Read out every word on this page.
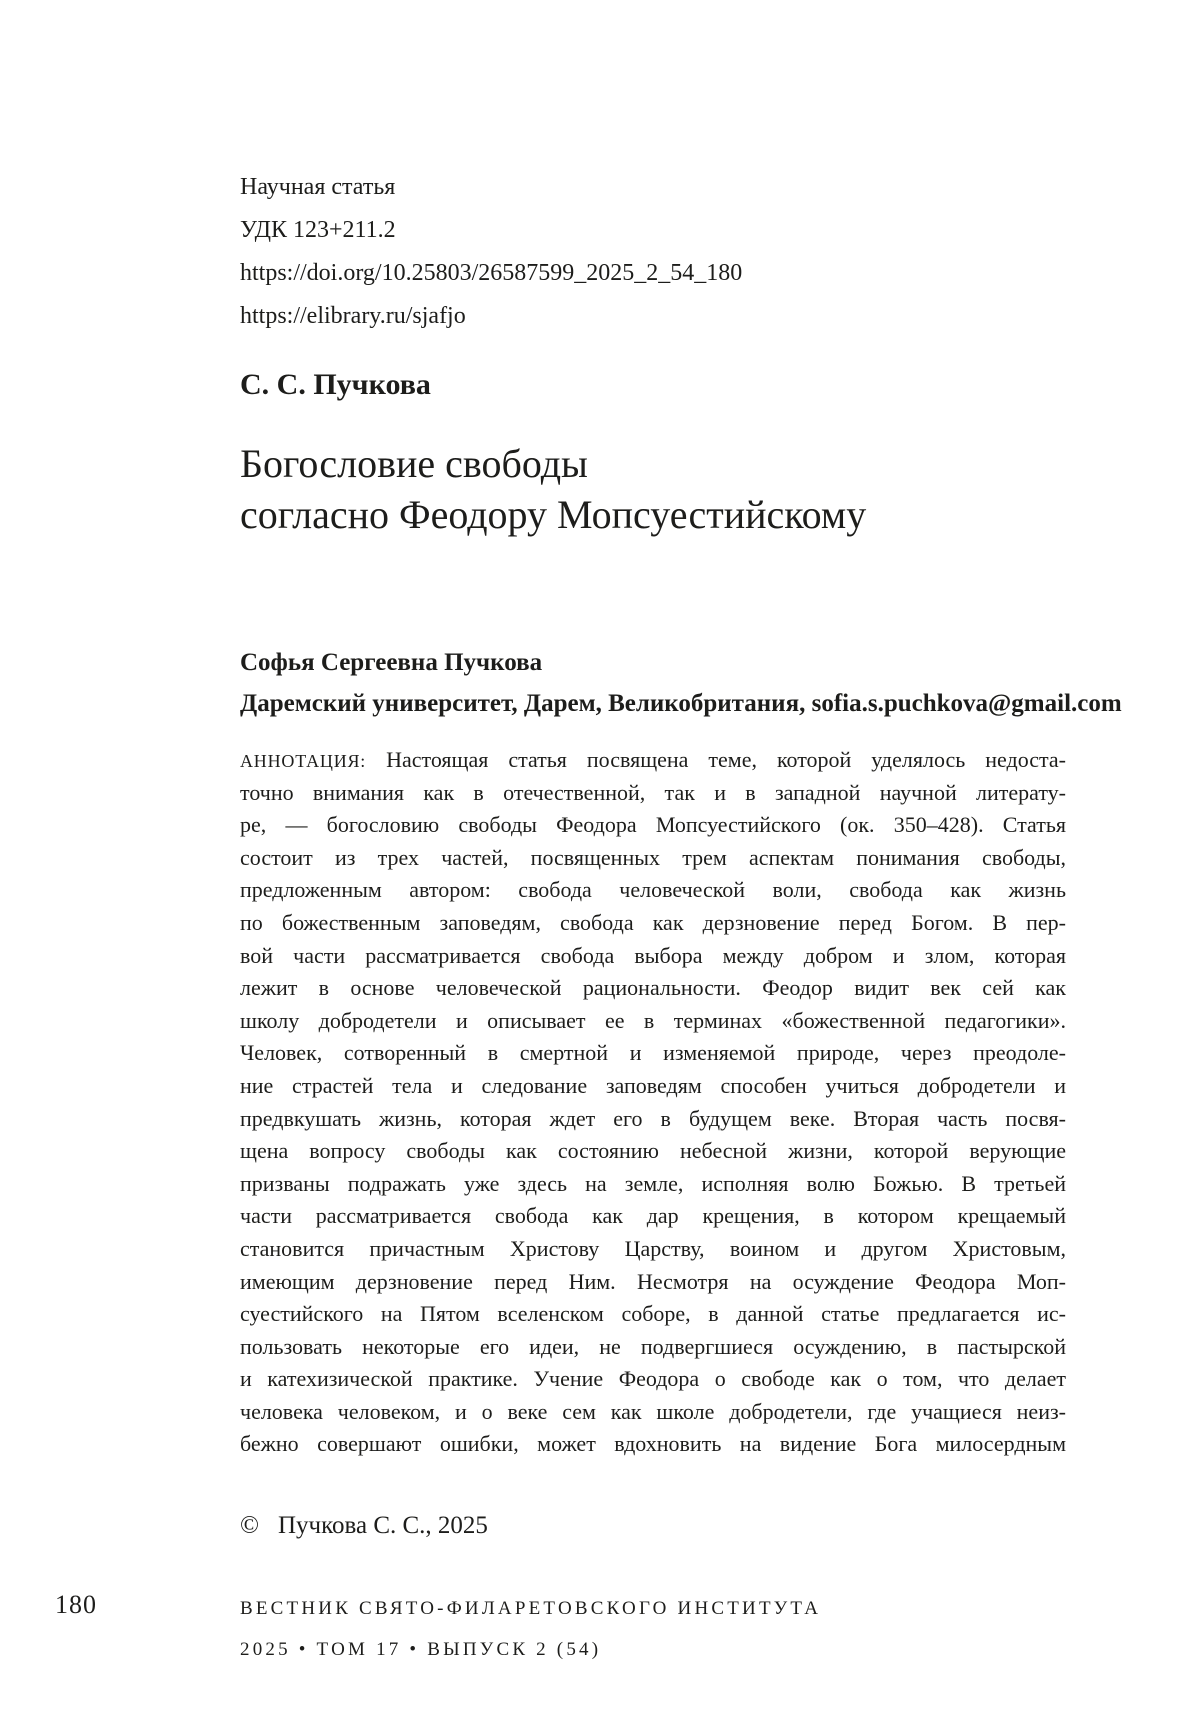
Научная статья
УДК 123+211.2
https://doi.org/10.25803/26587599_2025_2_54_180
https://elibrary.ru/sjafjo
С. С. Пучкова
Богословие свободы
согласно Феодору Мопсуестийскому
Софья Сергеевна Пучкова
Даремский университет, Дарем, Великобритания, sofia.s.puchkova@gmail.com
АННОТАЦИЯ: Настоящая статья посвящена теме, которой уделялось недоста-
точно внимания как в отечественной, так и в западной научной литерату-
ре, — богословию свободы Феодора Мопсуестийского (ок. 350–428). Статья
состоит из трех частей, посвященных трем аспектам понимания свободы,
предложенным автором: свобода человеческой воли, свобода как жизнь
по божественным заповедям, свобода как дерзновение перед Богом. В пер-
вой части рассматривается свобода выбора между добром и злом, которая
лежит в основе человеческой рациональности. Феодор видит век сей как
школу добродетели и описывает ее в терминах «божественной педагогики».
Человек, сотворенный в смертной и изменяемой природе, через преодоле-
ние страстей тела и следование заповедям способен учиться добродетели и
предвкушать жизнь, которая ждет его в будущем веке. Вторая часть посвя-
щена вопросу свободы как состоянию небесной жизни, которой верующие
призваны подражать уже здесь на земле, исполняя волю Божью. В третьей
части рассматривается свобода как дар крещения, в котором крещаемый
становится причастным Христову Царству, воином и другом Христовым,
имеющим дерзновение перед Ним. Несмотря на осуждение Феодора Моп-
суестийского на Пятом вселенском соборе, в данной статье предлагается ис-
пользовать некоторые его идеи, не подвергшиеся осуждению, в пастырской
и катехизической практике. Учение Феодора о свободе как о том, что делает
человека человеком, и о веке сем как школе добродетели, где учащиеся неиз-
бежно совершают ошибки, может вдохновить на видение Бога милосердным
© Пучкова С. С., 2025
180	ВЕСТНИК СВЯТО-ФИЛАРЕТОВСКОГО ИНСТИТУТА
2025 • ТОМ 17 • ВЫПУСК 2 (54)
